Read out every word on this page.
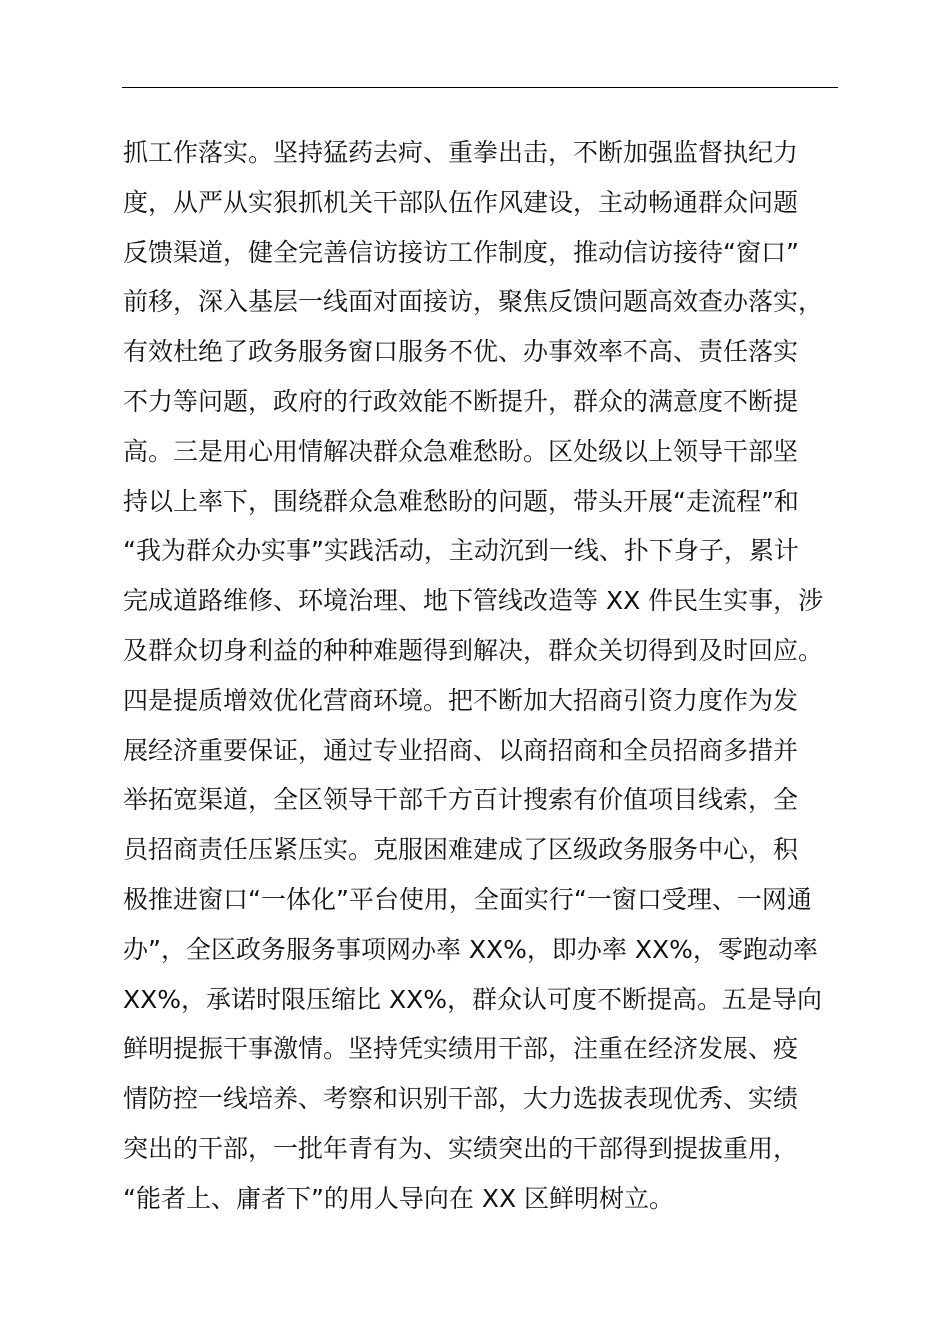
抓工作落实。坚持猛药去疴、重拳出击，不断加强监督执纪力
度，从严从实狠抓机关干部队伍作风建设，主动畅通群众问题
反馈渠道，健全完善信访接访工作制度，推动信访接待“窗口”
前移，深入基层一线面对面接访，聚焦反馈问题高效查办落实，
有效杜绝了政务服务窗口服务不优、办事效率不高、责任落实
不力等问题，政府的行政效能不断提升，群众的满意度不断提
高。三是用心用情解决群众急难愁盼。区处级以上领导干部坚
持以上率下，围绕群众急难愁盼的问题，带头开展“走流程”和
“我为群众办实事”实践活动，主动沉到一线、扑下身子，累计
完成道路维修、环境治理、地下管线改造等 XX 件民生实事，涉
及群众切身利益的种种难题得到解决，群众关切得到及时回应。
四是提质增效优化营商环境。把不断加大招商引资力度作为发
展经济重要保证，通过专业招商、以商招商和全员招商多措并
举拓宽渠道，全区领导干部千方百计搜索有价值项目线索，全
员招商责任压紧压实。克服困难建成了区级政务服务中心，积
极推进窗口“一体化”平台使用，全面实行“一窗口受理、一网通
办”，全区政务服务事项网办率 XX%，即办率 XX%，零跑动率
XX%，承诺时限压缩比 XX%，群众认可度不断提高。五是导向
鲜明提振干事激情。坚持凭实绩用干部，注重在经济发展、疫
情防控一线培养、考察和识别干部，大力选拔表现优秀、实绩
突出的干部，一批年青有为、实绩突出的干部得到提拔重用，
“能者上、庸者下”的用人导向在 XX 区鲜明树立。
